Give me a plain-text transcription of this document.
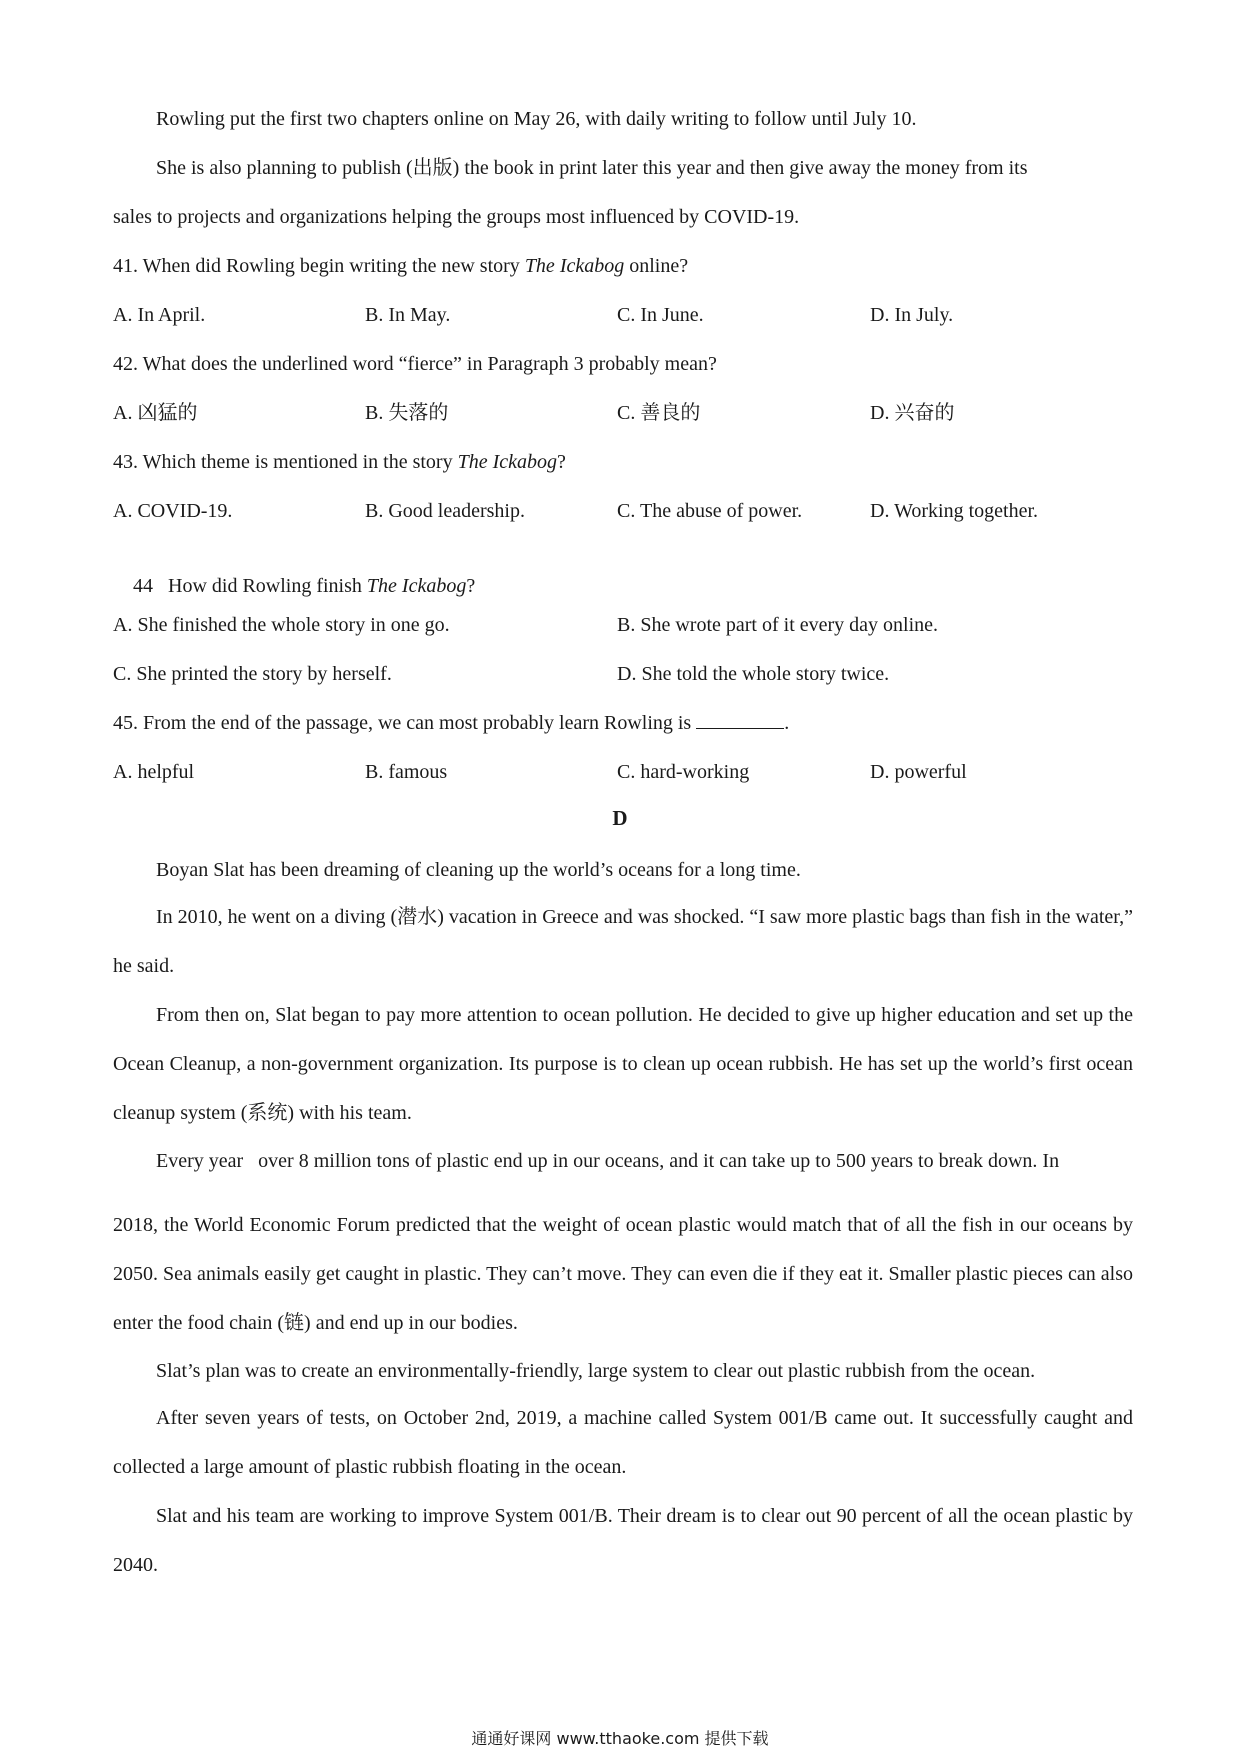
Rowling put the first two chapters online on May 26, with daily writing to follow until July 10.
She is also planning to publish (出版) the book in print later this year and then give away the money from its
sales to projects and organizations helping the groups most influenced by COVID-19.
41. When did Rowling begin writing the new story The Ickabog online?
A. In April.	B. In May.	C. In June.	D. In July.
42. What does the underlined word “fierce” in Paragraph 3 probably mean?
A. 凶猛的	B. 失落的	C. 善良的	D. 兴奋的
43. Which theme is mentioned in the story The Ickabog?
A. COVID-19.	B. Good leadership.	C. The abuse of power.	D. Working together.

44   How did Rowling finish The Ickabog?

A. She finished the whole story in one go.	B. She wrote part of it every day online.
C. She printed the story by herself.	D. She told the whole story twice.
45. From the end of the passage, we can most probably learn Rowling is	.
A. helpful	B. famous	C. hard-working	D. powerful
D
Boyan Slat has been dreaming of cleaning up the world’s oceans for a long time.
In 2010, he went on a diving (潜水) vacation in Greece and was shocked. “I saw more plastic bags than fish in the water,” he said.
From then on, Slat began to pay more attention to ocean pollution. He decided to give up higher education and set up the Ocean Cleanup, a non-government organization. Its purpose is to clean up ocean rubbish. He has set up the world’s first ocean cleanup system (系统) with his team.
Every year   over 8 million tons of plastic end up in our oceans, and it can take up to 500 years to break down. In
2018, the World Economic Forum predicted that the weight of ocean plastic would match that of all the fish in our oceans by 2050. Sea animals easily get caught in plastic. They can’t move. They can even die if they eat it. Smaller plastic pieces can also enter the food chain (链) and end up in our bodies.
Slat’s plan was to create an environmentally-friendly, large system to clear out plastic rubbish from the ocean.
After seven years of tests, on October 2nd, 2019, a machine called System 001/B came out. It successfully caught and collected a large amount of plastic rubbish floating in the ocean.
Slat and his team are working to improve System 001/B. Their dream is to clear out 90 percent of all the ocean plastic by 2040.
通通好课网 www.tthaoke.com 提供下载
